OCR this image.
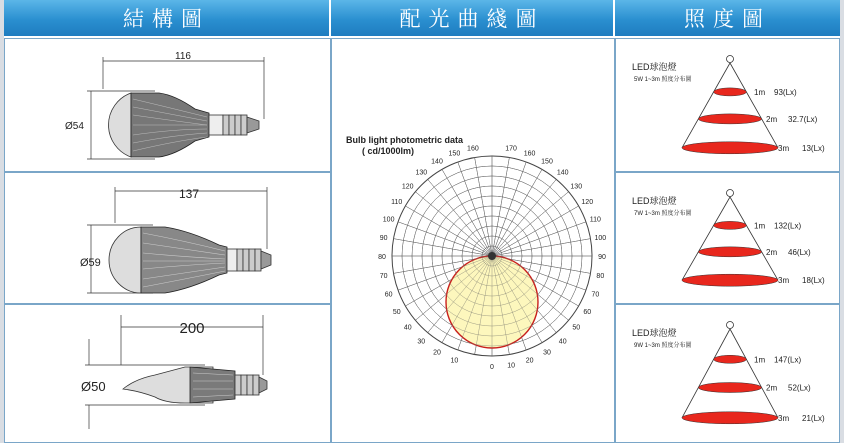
結構圖	配光曲綫圖	照度圖
116
Ø54
137
Ø59
200
Ø50
Bulb light photometric data
( cd/1000lm)	160
150
140
130
120
110
100
90
80
70
60
50
40
30
20
10
170
160
150
140
130
120
110
100
90
80
70
60
50
40
30
20
10
0
LED球泡燈
5W 1~3m 照度分布圖
1m 93(Lx)
2m 32.7(Lx)
3m 13(Lx)
LED球泡燈
7W 1~3m 照度分布圖
1m 132(Lx)
2m 46(Lx)
3m 18(Lx)
LED球泡燈
9W 1~3m 照度分布圖
1m 147(Lx)
2m 52(Lx)
3m 21(Lx)
